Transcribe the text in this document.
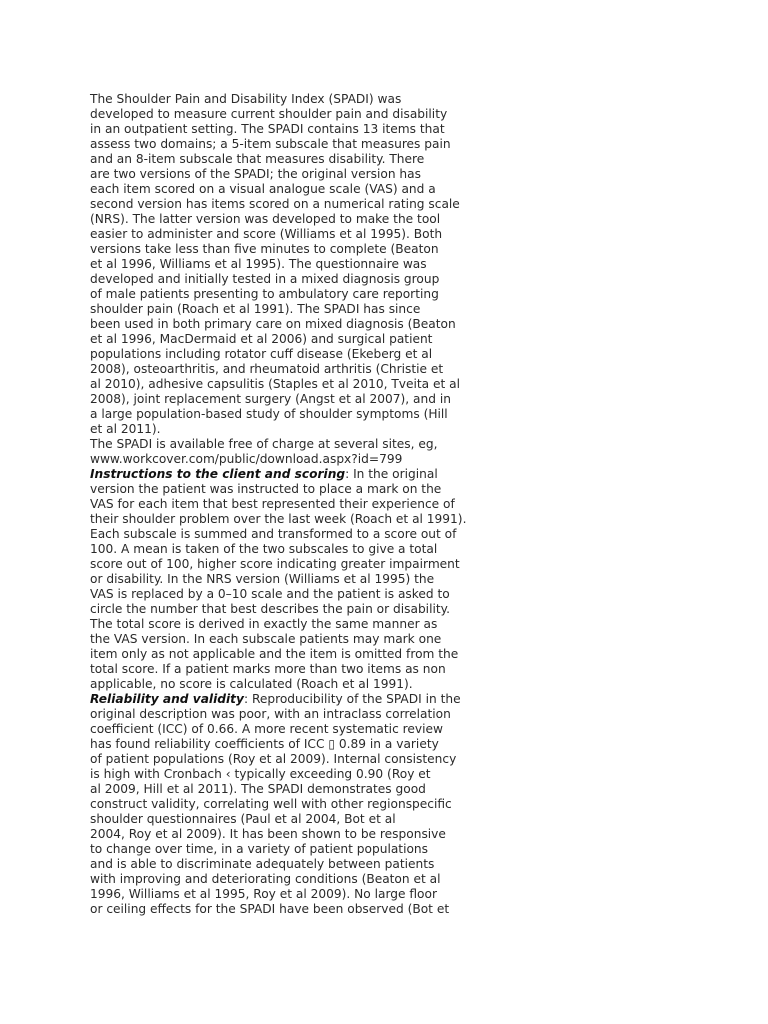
The Shoulder Pain and Disability Index (SPADI) was
developed to measure current shoulder pain and disability
in an outpatient setting. The SPADI contains 13 items that
assess two domains; a 5-item subscale that measures pain
and an 8-item subscale that measures disability. There
are two versions of the SPADI; the original version has
each item scored on a visual analogue scale (VAS) and a
second version has items scored on a numerical rating scale
(NRS). The latter version was developed to make the tool
easier to administer and score (Williams et al 1995). Both
versions take less than five minutes to complete (Beaton
et al 1996, Williams et al 1995). The questionnaire was
developed and initially tested in a mixed diagnosis group
of male patients presenting to ambulatory care reporting
shoulder pain (Roach et al 1991). The SPADI has since
been used in both primary care on mixed diagnosis (Beaton
et al 1996, MacDermaid et al 2006) and surgical patient
populations including rotator cuff disease (Ekeberg et al
2008), osteoarthritis, and rheumatoid arthritis (Christie et
al 2010), adhesive capsulitis (Staples et al 2010, Tveita et al
2008), joint replacement surgery (Angst et al 2007), and in
a large population-based study of shoulder symptoms (Hill
et al 2011).
The SPADI is available free of charge at several sites, eg,
www.workcover.com/public/download.aspx?id=799
Instructions to the client and scoring: In the original
version the patient was instructed to place a mark on the
VAS for each item that best represented their experience of
their shoulder problem over the last week (Roach et al 1991).
Each subscale is summed and transformed to a score out of
100. A mean is taken of the two subscales to give a total
score out of 100, higher score indicating greater impairment
or disability. In the NRS version (Williams et al 1995) the
VAS is replaced by a 0–10 scale and the patient is asked to
circle the number that best describes the pain or disability.
The total score is derived in exactly the same manner as
the VAS version. In each subscale patients may mark one
item only as not applicable and the item is omitted from the
total score. If a patient marks more than two items as non
applicable, no score is calculated (Roach et al 1991).
Reliability and validity: Reproducibility of the SPADI in the
original description was poor, with an intraclass correlation
coefficient (ICC) of 0.66. A more recent systematic review
has found reliability coefficients of ICC ▯ 0.89 in a variety
of patient populations (Roy et al 2009). Internal consistency
is high with Cronbach ‹ typically exceeding 0.90 (Roy et
al 2009, Hill et al 2011). The SPADI demonstrates good
construct validity, correlating well with other regionspecific
shoulder questionnaires (Paul et al 2004, Bot et al
2004, Roy et al 2009). It has been shown to be responsive
to change over time, in a variety of patient populations
and is able to discriminate adequately between patients
with improving and deteriorating conditions (Beaton et al
1996, Williams et al 1995, Roy et al 2009). No large floor
or ceiling effects for the SPADI have been observed (Bot et
